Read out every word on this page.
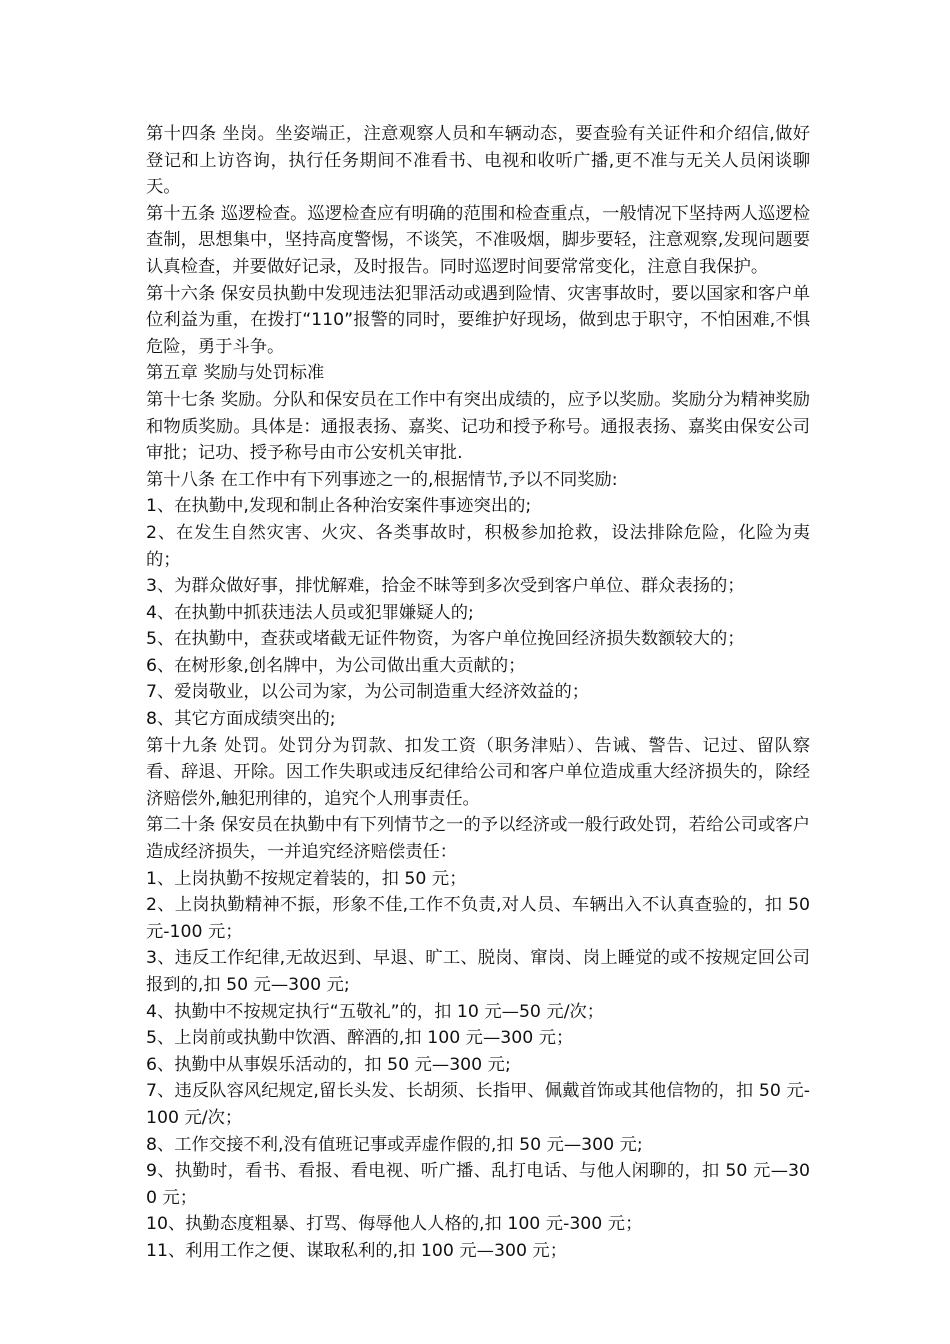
第十四条 坐岗。坐姿端正，注意观察人员和车辆动态，要查验有关证件和介绍信,做好登记和上访咨询，执行任务期间不准看书、电视和收听广播,更不准与无关人员闲谈聊天。

第十五条 巡逻检查。巡逻检查应有明确的范围和检查重点，一般情况下坚持两人巡逻检查制，思想集中，坚持高度警惕，不谈笑，不准吸烟，脚步要轻，注意观察,发现问题要认真检查，并要做好记录，及时报告。同时巡逻时间要常常变化，注意自我保护。

第十六条 保安员执勤中发现违法犯罪活动或遇到险情、灾害事故时，要以国家和客户单位利益为重，在拨打“110”报警的同时，要维护好现场，做到忠于职守，不怕困难,不惧危险，勇于斗争。

第五章 奖励与处罚标准

第十七条 奖励。分队和保安员在工作中有突出成绩的，应予以奖励。奖励分为精神奖励和物质奖励。具体是：通报表扬、嘉奖、记功和授予称号。通报表扬、嘉奖由保安公司审批；记功、授予称号由市公安机关审批.

第十八条 在工作中有下列事迹之一的,根据情节,予以不同奖励:

1、在执勤中,发现和制止各种治安案件事迹突出的;

2、在发生自然灾害、火灾、各类事故时，积极参加抢救，设法排除危险，化险为夷的；

3、为群众做好事，排忧解难，拾金不昧等到多次受到客户单位、群众表扬的；

4、在执勤中抓获违法人员或犯罪嫌疑人的;

5、在执勤中，查获或堵截无证件物资，为客户单位挽回经济损失数额较大的；

6、在树形象,创名牌中，为公司做出重大贡献的；

7、爱岗敬业，以公司为家，为公司制造重大经济效益的；

8、其它方面成绩突出的;

第十九条 处罚。处罚分为罚款、扣发工资（职务津贴）、告诫、警告、记过、留队察看、辞退、开除。因工作失职或违反纪律给公司和客户单位造成重大经济损失的，除经济赔偿外,触犯刑律的，追究个人刑事责任。

第二十条 保安员在执勤中有下列情节之一的予以经济或一般行政处罚，若给公司或客户造成经济损失，一并追究经济赔偿责任：

1、上岗执勤不按规定着装的，扣 50 元；

2、上岗执勤精神不振，形象不佳,工作不负责,对人员、车辆出入不认真查验的，扣 50 元-100 元；

3、违反工作纪律,无故迟到、早退、旷工、脱岗、窜岗、岗上睡觉的或不按规定回公司报到的,扣 50 元—300 元;

4、执勤中不按规定执行“五敬礼”的，扣 10 元—50 元/次；

5、上岗前或执勤中饮酒、醉酒的,扣 100 元—300 元；

6、执勤中从事娱乐活动的，扣 50 元—300 元;

7、违反队容风纪规定,留长头发、长胡须、长指甲、佩戴首饰或其他信物的，扣 50 元-100 元/次；

8、工作交接不利,没有值班记事或弄虚作假的,扣 50 元—300 元;

9、执勤时，看书、看报、看电视、听广播、乱打电话、与他人闲聊的，扣 50 元—300 元；

10、执勤态度粗暴、打骂、侮辱他人人格的,扣 100 元-300 元；

11、利用工作之便、谋取私利的,扣 100 元—300 元；
